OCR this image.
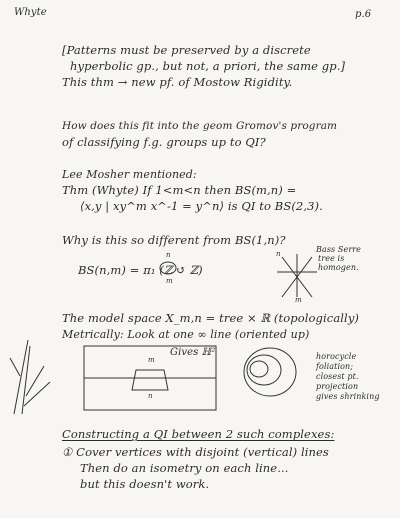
Whyte	p.6
[Patterns must be preserved by a discrete
hyperbolic gp., but not, a priori, the same gp.]
This thm → new pf. of Mostow Rigidity.
How does this fit into the geom Gromov's program
of classifying f.g. groups up to QI?
Lee Mosher mentioned:
Thm (Whyte) If 1<m<n then BS(m,n) =
⟨x,y | xy^m x^-1 = y^n⟩ is QI to BS(2,3).
Why is this so different from BS(1,n)?
BS(n,m) = π₁ (ℤ ↺ ℤ)
n
m
n
m
Bass Serre
tree is
homogen.
The model space X_m,n = tree × ℝ (topologically)
Metrically: Look at one ∞ line (oriented up)
m
n
Gives ℍ²	horocycle
foliation;
closest pt.
projection
gives shrinking
Constructing a QI between 2 such complexes:
① Cover vertices with disjoint (vertical) lines
Then do an isometry on each line...
but this doesn't work.
